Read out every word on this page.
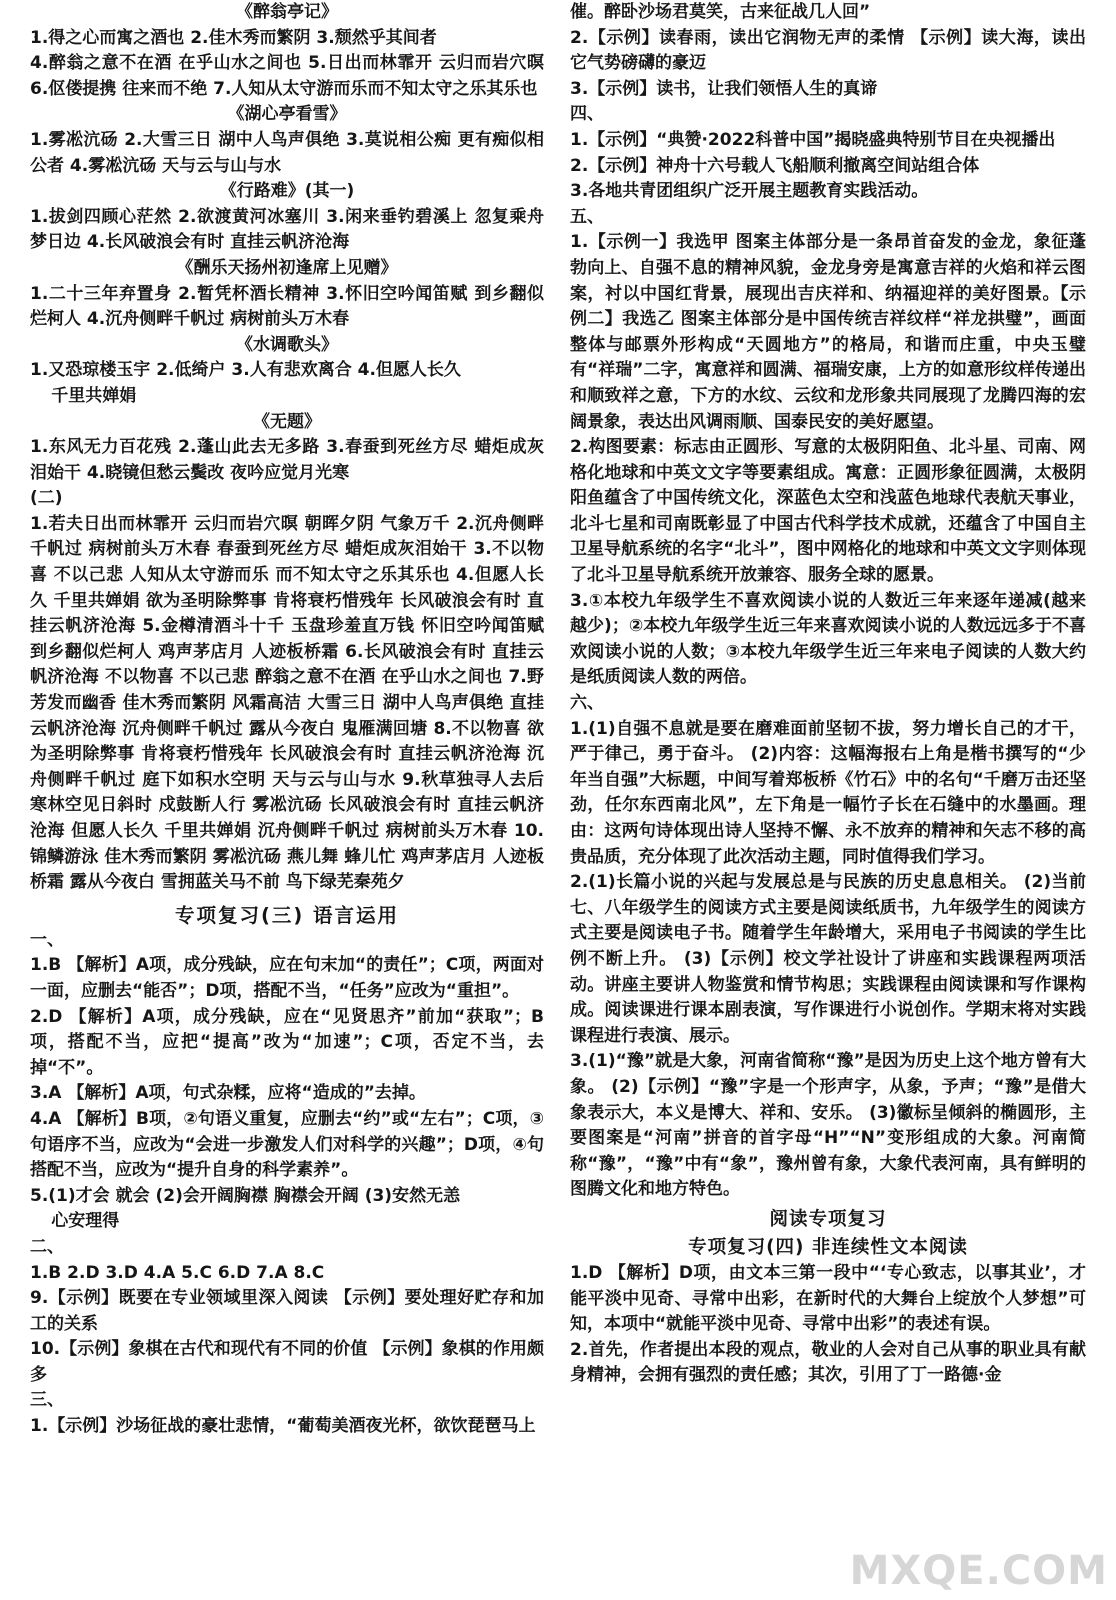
《醉翁亭记》
1.得之心而寓之酒也 2.佳木秀而繁阴 3.颓然乎其间者
4.醉翁之意不在酒 在乎山水之间也 5.日出而林霏开 云归而岩穴暝 6.伛偻提携 往来而不绝 7.人知从太守游而乐而不知太守之乐其乐也
《湖心亭看雪》
1.雾凇沆砀 2.大雪三日 湖中人鸟声俱绝 3.莫说相公痴 更有痴似相公者 4.雾凇沆砀 天与云与山与水
《行路难》(其一)
1.拔剑四顾心茫然 2.欲渡黄河冰塞川 3.闲来垂钓碧溪上 忽复乘舟梦日边 4.长风破浪会有时 直挂云帆济沧海
《酬乐天扬州初逢席上见赠》
1.二十三年弃置身 2.暂凭杯酒长精神 3.怀旧空吟闻笛赋 到乡翻似烂柯人 4.沉舟侧畔千帆过 病树前头万木春
《水调歌头》
1.又恐琼楼玉宇 2.低绮户 3.人有悲欢离合 4.但愿人长久
千里共婵娟
《无题》
1.东风无力百花残 2.蓬山此去无多路 3.春蚕到死丝方尽 蜡炬成灰泪始干 4.晓镜但愁云鬓改 夜吟应觉月光寒
(二)
1.若夫日出而林霏开 云归而岩穴暝 朝晖夕阴 气象万千 2.沉舟侧畔千帆过 病树前头万木春 春蚕到死丝方尽 蜡炬成灰泪始干 3.不以物喜 不以己悲 人知从太守游而乐 而不知太守之乐其乐也 4.但愿人长久 千里共婵娟 欲为圣明除弊事 肯将衰朽惜残年 长风破浪会有时 直挂云帆济沧海 5.金樽清酒斗十千 玉盘珍羞直万钱 怀旧空吟闻笛赋 到乡翻似烂柯人 鸡声茅店月 人迹板桥霜 6.长风破浪会有时 直挂云帆济沧海 不以物喜 不以己悲 醉翁之意不在酒 在乎山水之间也 7.野芳发而幽香 佳木秀而繁阴 风霜高洁 大雪三日 湖中人鸟声俱绝 直挂云帆济沧海 沉舟侧畔千帆过 露从今夜白 鬼雁满回塘 8.不以物喜 欲为圣明除弊事 肯将衰朽惜残年 长风破浪会有时 直挂云帆济沧海 沉舟侧畔千帆过 庭下如积水空明 天与云与山与水 9.秋草独寻人去后 寒林空见日斜时 戍鼓断人行 雾凇沆砀 长风破浪会有时 直挂云帆济沧海 但愿人长久 千里共婵娟 沉舟侧畔千帆过 病树前头万木春 10.锦鳞游泳 佳木秀而繁阴 雾凇沆砀 燕儿舞 蜂儿忙 鸡声茅店月 人迹板桥霜 露从今夜白 雪拥蓝关马不前 鸟下绿芜秦苑夕
专项复习(三) 语言运用
一、
1.B 【解析】A项，成分残缺，应在句末加“的责任”；C项，两面对一面，应删去“能否”；D项，搭配不当，“任务”应改为“重担”。
2.D 【解析】A项，成分残缺，应在“见贤思齐”前加“获取”；B项，搭配不当，应把“提高”改为“加速”；C项，否定不当，去掉“不”。
3.A 【解析】A项，句式杂糅，应将“造成的”去掉。
4.A 【解析】B项，②句语义重复，应删去“约”或“左右”；C项，③句语序不当，应改为“会进一步激发人们对科学的兴趣”；D项，④句搭配不当，应改为“提升自身的科学素养”。
5.(1)才会 就会 (2)会开阔胸襟 胸襟会开阔 (3)安然无恙
心安理得
二、
1.B 2.D 3.D 4.A 5.C 6.D 7.A 8.C
9.【示例】既要在专业领域里深入阅读 【示例】要处理好贮存和加工的关系
10.【示例】象棋在古代和现代有不同的价值 【示例】象棋的作用颇多
三、
1.【示例】沙场征战的豪壮悲情，“葡萄美酒夜光杯，欲饮琵琶马上
催。醉卧沙场君莫笑，古来征战几人回”
2.【示例】读春雨，读出它润物无声的柔情 【示例】读大海，读出它气势磅礴的豪迈
3.【示例】读书，让我们领悟人生的真谛
四、
1.【示例】“典赞·2022科普中国”揭晓盛典特别节目在央视播出
2.【示例】神舟十六号载人飞船顺利撤离空间站组合体
3.各地共青团组织广泛开展主题教育实践活动。
五、
1.【示例一】我选甲 图案主体部分是一条昂首奋发的金龙，象征蓬勃向上、自强不息的精神风貌，金龙身旁是寓意吉祥的火焰和祥云图案，衬以中国红背景，展现出吉庆祥和、纳福迎祥的美好图景。【示例二】我选乙 图案主体部分是中国传统吉祥纹样“祥龙拱璧”，画面整体与邮票外形构成“天圆地方”的格局，和谐而庄重，中央玉璧有“祥瑞”二字，寓意祥和圆满、福瑞安康，上方的如意形纹样传递出和顺致祥之意，下方的水纹、云纹和龙形象共同展现了龙腾四海的宏阔景象，表达出风调雨顺、国泰民安的美好愿望。
2.构图要素：标志由正圆形、写意的太极阴阳鱼、北斗星、司南、网格化地球和中英文文字等要素组成。寓意：正圆形象征圆满，太极阴阳鱼蕴含了中国传统文化，深蓝色太空和浅蓝色地球代表航天事业，北斗七星和司南既彰显了中国古代科学技术成就，还蕴含了中国自主卫星导航系统的名字“北斗”，图中网格化的地球和中英文文字则体现了北斗卫星导航系统开放兼容、服务全球的愿景。
3.①本校九年级学生不喜欢阅读小说的人数近三年来逐年递减(越来越少)；②本校九年级学生近三年来喜欢阅读小说的人数远远多于不喜欢阅读小说的人数；③本校九年级学生近三年来电子阅读的人数大约是纸质阅读人数的两倍。
六、
1.(1)自强不息就是要在磨难面前坚韧不拔，努力增长自己的才干，严于律己，勇于奋斗。 (2)内容：这幅海报右上角是楷书撰写的“少年当自强”大标题，中间写着郑板桥《竹石》中的名句“千磨万击还坚劲，任尔东西南北风”，左下角是一幅竹子长在石缝中的水墨画。理由：这两句诗体现出诗人坚持不懈、永不放弃的精神和矢志不移的高贵品质，充分体现了此次活动主题，同时值得我们学习。
2.(1)长篇小说的兴起与发展总是与民族的历史息息相关。 (2)当前七、八年级学生的阅读方式主要是阅读纸质书，九年级学生的阅读方式主要是阅读电子书。随着学生年龄增大，采用电子书阅读的学生比例不断上升。 (3)【示例】校文学社设计了讲座和实践课程两项活动。讲座主要讲人物鉴赏和情节构思；实践课程由阅读课和写作课构成。阅读课进行课本剧表演，写作课进行小说创作。学期末将对实践课程进行表演、展示。
3.(1)“豫”就是大象，河南省简称“豫”是因为历史上这个地方曾有大象。 (2)【示例】“豫”字是一个形声字，从象，予声；“豫”是借大象表示大，本义是博大、祥和、安乐。 (3)徽标呈倾斜的椭圆形，主要图案是“河南”拼音的首字母“H”“N”变形组成的大象。河南简称“豫”，“豫”中有“象”，豫州曾有象，大象代表河南，具有鲜明的图腾文化和地方特色。
阅读专项复习
专项复习(四) 非连续性文本阅读
1.D 【解析】D项，由文本三第一段中“‘专心致志，以事其业’，才能平淡中见奇、寻常中出彩，在新时代的大舞台上绽放个人梦想”可知，本项中“就能平淡中见奇、寻常中出彩”的表述有误。
2.首先，作者提出本段的观点，敬业的人会对自己从事的职业具有献身精神，会拥有强烈的责任感；其次，引用了丁一路德·金
MXQE.COM
